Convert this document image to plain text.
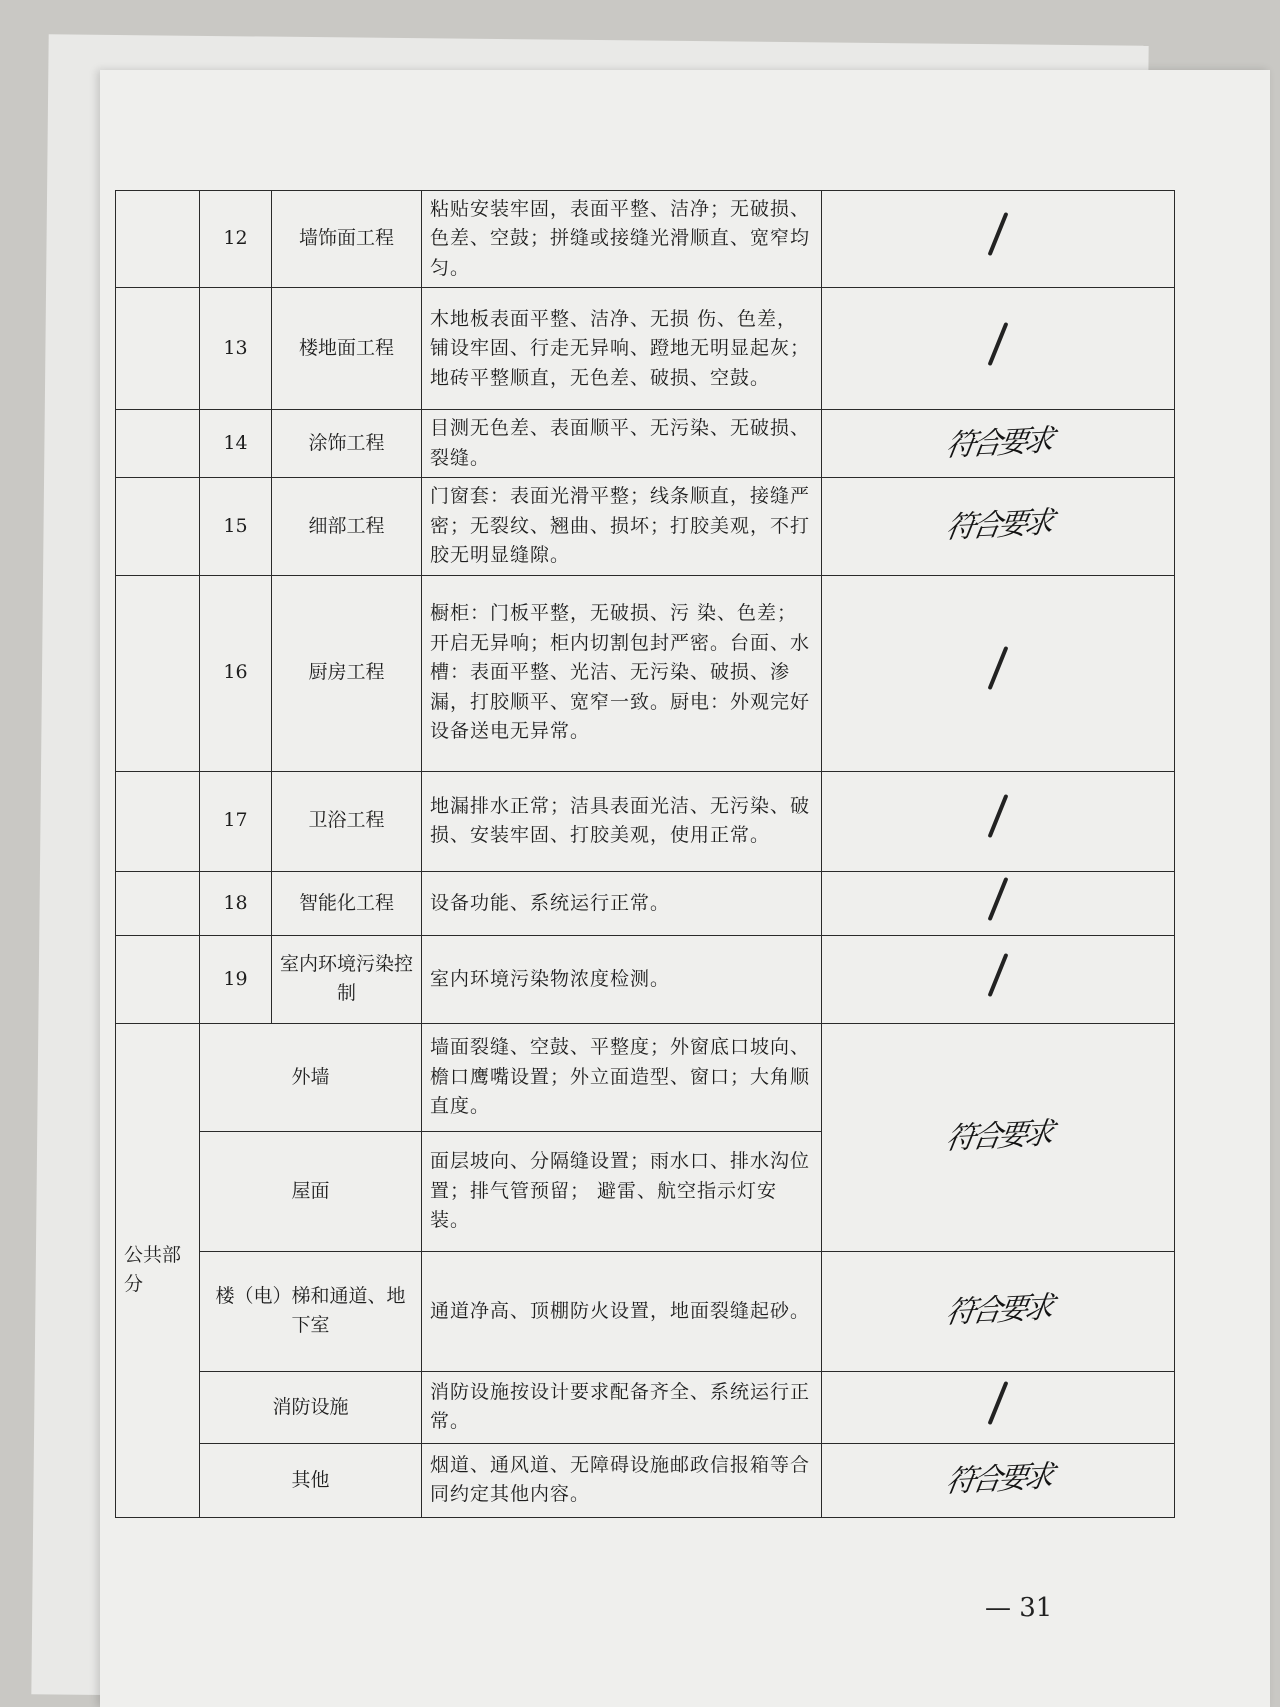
	12	墙饰面工程	粘贴安装牢固，表面平整、洁净；无破损、色差、空鼓；拼缝或接缝光滑顺直、宽窄均匀。	
	13	楼地面工程	木地板表面平整、洁净、无损 伤、色差，铺设牢固、行走无异响、蹬地无明显起灰；地砖平整顺直，无色差、破损、空鼓。	
	14	涂饰工程	目测无色差、表面顺平、无污染、无破损、裂缝。	符合要求
	15	细部工程	门窗套：表面光滑平整；线条顺直，接缝严密；无裂纹、翘曲、损坏；打胶美观，不打胶无明显缝隙。	符合要求
	16	厨房工程	橱柜：门板平整，无破损、污 染、色差；开启无异响；柜内切割包封严密。台面、水槽：表面平整、光洁、无污染、破损、渗漏，打胶顺平、宽窄一致。厨电：外观完好设备送电无异常。	
	17	卫浴工程	地漏排水正常；洁具表面光洁、无污染、破损、安装牢固、打胶美观，使用正常。	
	18	智能化工程	设备功能、系统运行正常。	
	19	室内环境污染控制	室内环境污染物浓度检测。	
公共部分	外墙		墙面裂缝、空鼓、平整度；外窗底口坡向、檐口鹰嘴设置；外立面造型、窗口；大角顺直度。	符合要求
	屋面		面层坡向、分隔缝设置；雨水口、排水沟位置；排气管预留； 避雷、航空指示灯安装。	
	楼（电）梯和通道、地下室		通道净高、顶棚防火设置，地面裂缝起砂。	符合要求
	消防设施		消防设施按设计要求配备齐全、系统运行正常。	
	其他		烟道、通风道、无障碍设施邮政信报箱等合同约定其他内容。	符合要求
— 31
